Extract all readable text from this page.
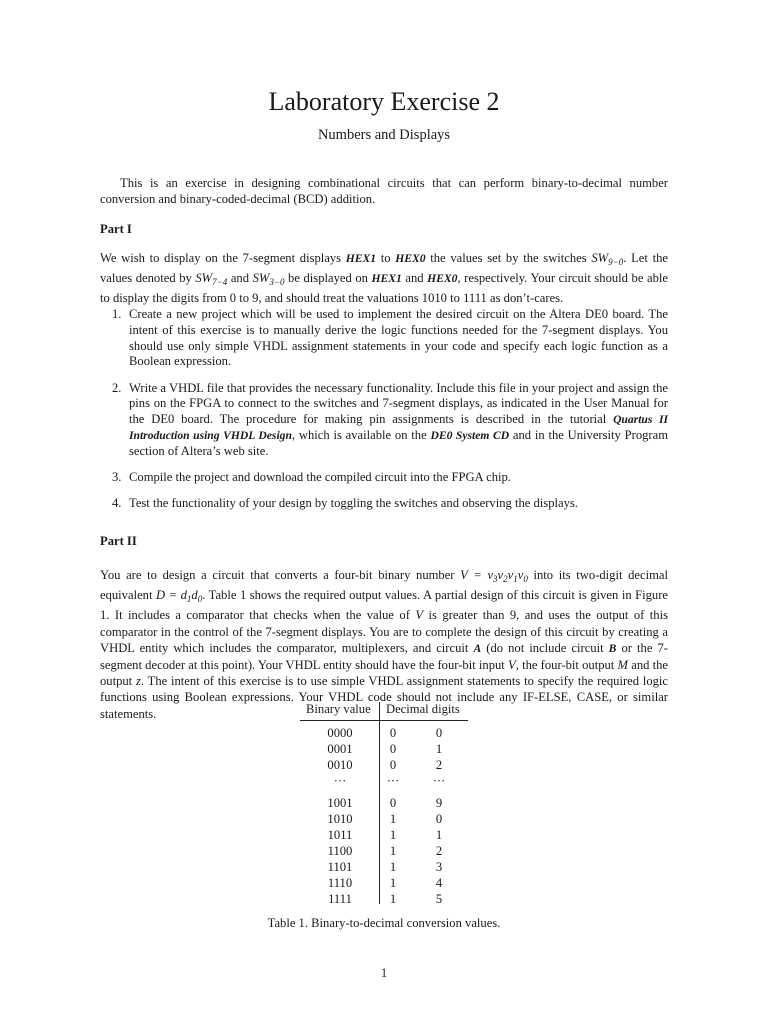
Laboratory Exercise 2
Numbers and Displays

This is an exercise in designing combinational circuits that can perform binary-to-decimal number conversion and binary-coded-decimal (BCD) addition.

Part I

We wish to display on the 7-segment displays HEX1 to HEX0 the values set by the switches $SW_{9-0}$. Let the values denoted by $SW_{7-4}$ and $SW_{3-0}$ be displayed on HEX1 and HEX0, respectively. Your circuit should be able to display the digits from 0 to 9, and should treat the valuations 1010 to 1111 as don’t-cares.

1. Create a new project which will be used to implement the desired circuit on the Altera DE0 board. The intent of this exercise is to manually derive the logic functions needed for the 7-segment displays. You should use only simple VHDL assignment statements in your code and specify each logic function as a Boolean expression.
2. Write a VHDL file that provides the necessary functionality. Include this file in your project and assign the pins on the FPGA to connect to the switches and 7-segment displays, as indicated in the User Manual for the DE0 board. The procedure for making pin assignments is described in the tutorial Quartus II Introduction using VHDL Design, which is available on the DE0 System CD and in the University Program section of Altera’s web site.
3. Compile the project and download the compiled circuit into the FPGA chip.
4. Test the functionality of your design by toggling the switches and observing the displays.

Part II

You are to design a circuit that converts a four-bit binary number $V = v_3v_2v_1v_0$ into its two-digit decimal equivalent $D = d_1d_0$. Table 1 shows the required output values. A partial design of this circuit is given in Figure 1. It includes a comparator that checks when the value of V is greater than 9, and uses the output of this comparator in the control of the 7-segment displays. You are to complete the design of this circuit by creating a VHDL entity which includes the comparator, multiplexers, and circuit A (do not include circuit B or the 7-segment decoder at this point). Your VHDL entity should have the four-bit input V, the four-bit output M and the output z. The intent of this exercise is to use simple VHDL assignment statements to specify the required logic functions using Boolean expressions. Your VHDL code should not include any IF-ELSE, CASE, or similar statements.	Binary value Decimal digits
0000	0	0
0001	0	1
0010	0	2
···	···	···
1001	0	9
1010	1	0
1011	1	1
1100	1	2
1101	1	3
1110	1	4
1111	1	5
Table 1. Binary-to-decimal conversion values.
1
